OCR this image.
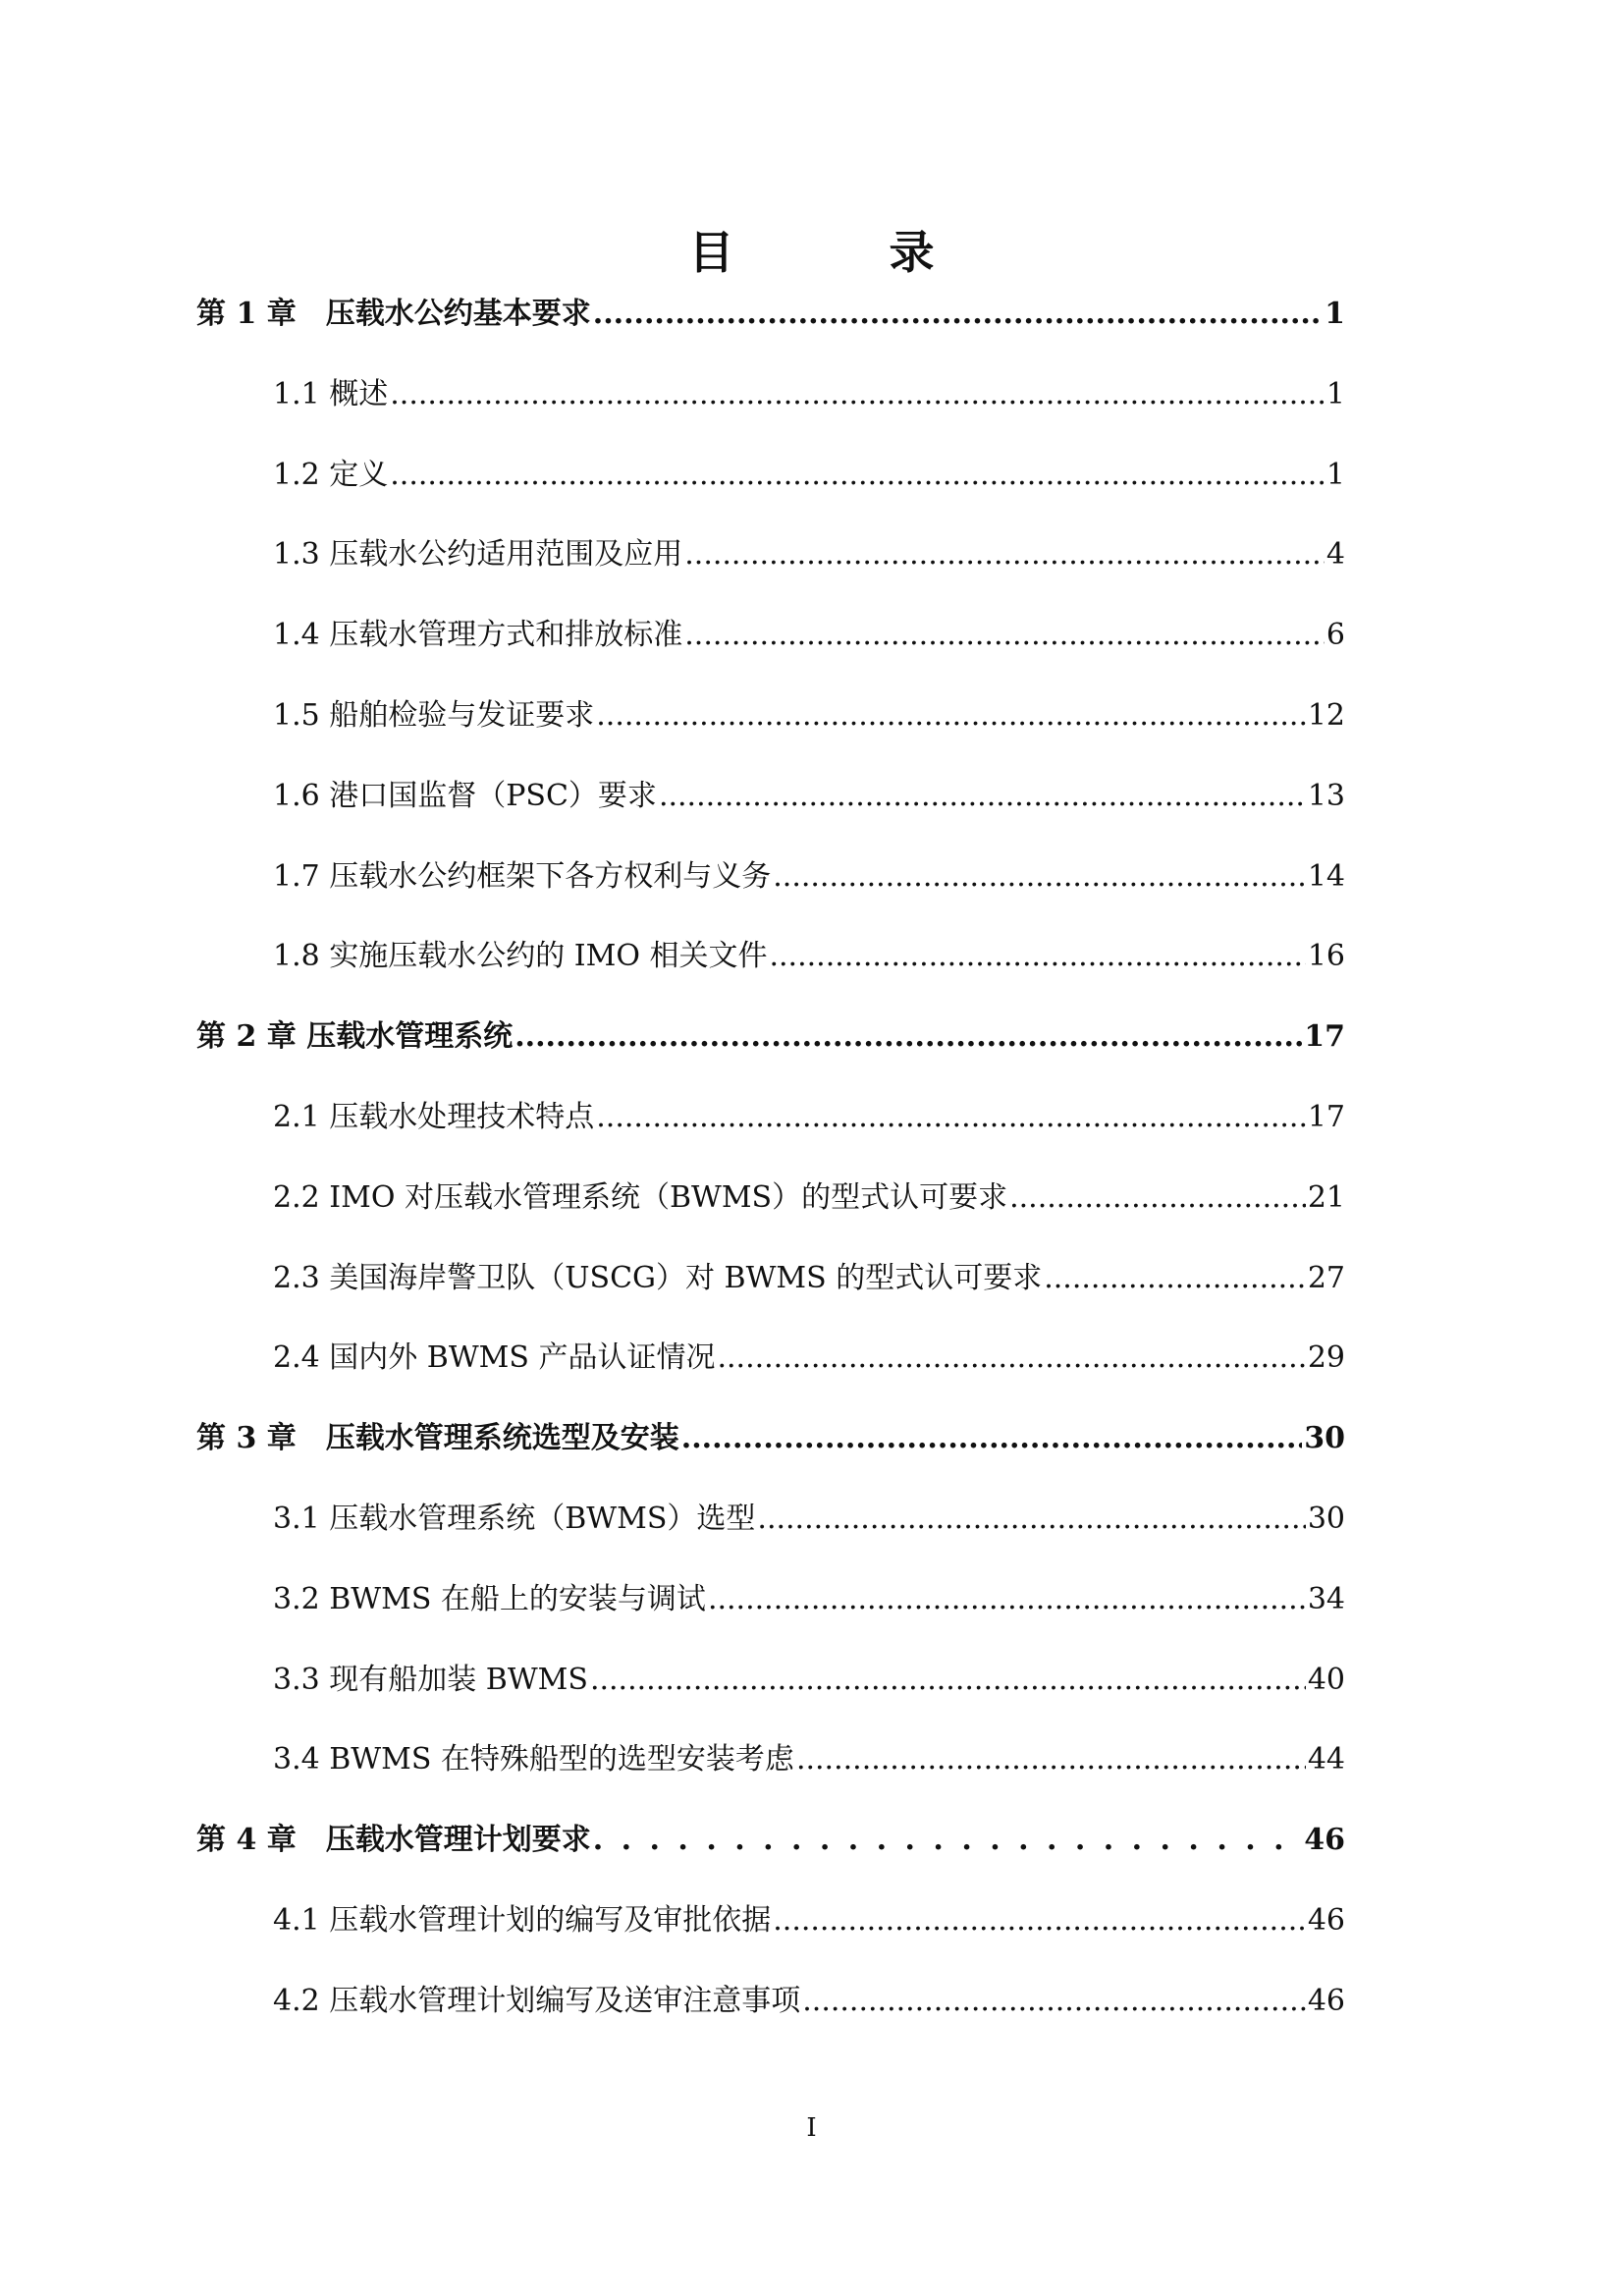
目　录
第 1 章　压载水公约基本要求 .....	1
1.1 概述 .....	1
1.2 定义 .....	1
1.3 压载水公约适用范围及应用 .....	4
1.4 压载水管理方式和排放标准 .....	6
1.5 船舶检验与发证要求 .....	12
1.6 港口国监督（PSC）要求 .....	13
1.7 压载水公约框架下各方权利与义务 .....	14
1.8 实施压载水公约的 IMO 相关文件 .....	16
第 2 章 压载水管理系统 .....	17
2.1 压载水处理技术特点 .....	17
2.2 IMO 对压载水管理系统（BWMS）的型式认可要求 .....	21
2.3 美国海岸警卫队（USCG）对 BWMS 的型式认可要求 .....	27
2.4 国内外 BWMS 产品认证情况 .....	29
第 3 章　压载水管理系统选型及安装 .....	30
3.1 压载水管理系统（BWMS）选型 .....	30
3.2 BWMS 在船上的安装与调试 .....	34
3.3 现有船加装 BWMS .....	40
3.4 BWMS 在特殊船型的选型安装考虑 .....	44
第 4 章　压载水管理计划要求 . . .	46
4.1 压载水管理计划的编写及审批依据 .....	46
4.2 压载水管理计划编写及送审注意事项 .....	46
I
